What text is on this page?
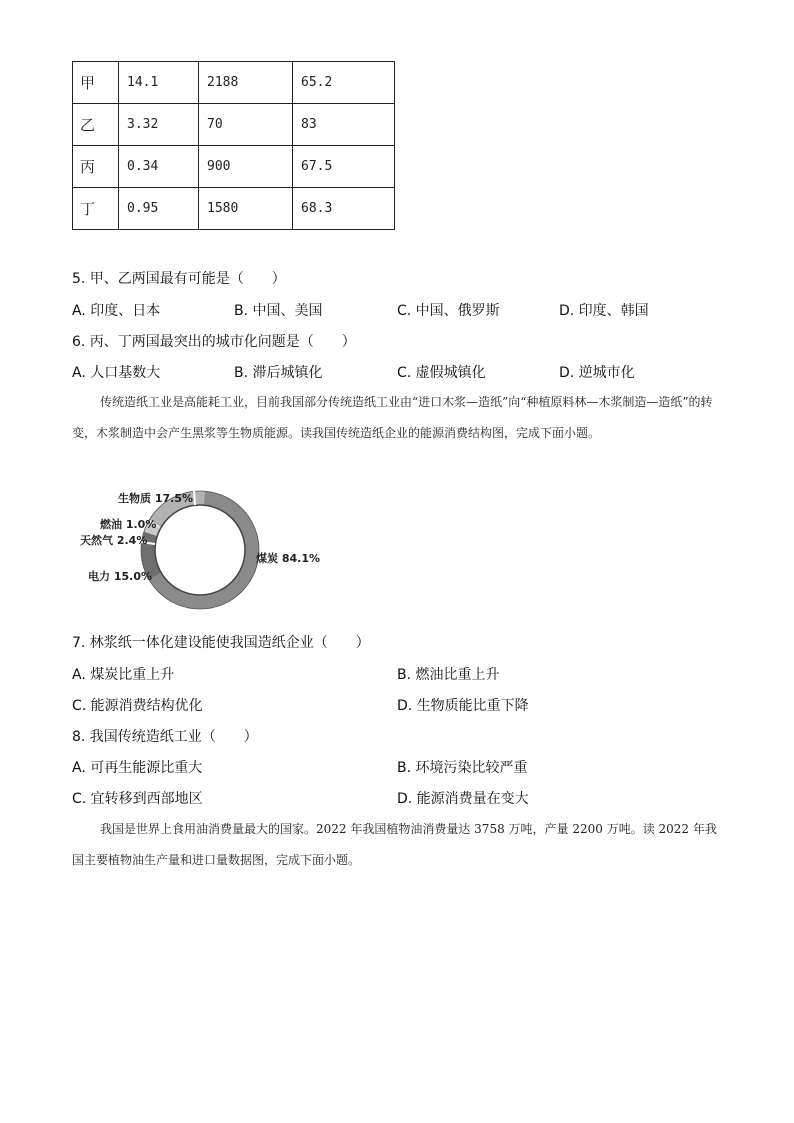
甲	14.1	2188	65.2
乙	3.32	70	83
丙	0.34	900	67.5
丁	0.95	1580	68.3
5. 甲、乙两国最有可能是（　　）
A. 印度、日本	B. 中国、美国	C. 中国、俄罗斯	D. 印度、韩国
6. 丙、丁两国最突出的城市化问题是（　　）
A. 人口基数大	B. 滞后城镇化	C. 虚假城镇化	D. 逆城市化
传统造纸工业是高能耗工业，目前我国部分传统造纸工业由“进口木浆—造纸”向“种植原料林—木浆制造—造纸”的转变，木浆制造中会产生黑浆等生物质能源。读我国传统造纸企业的能源消费结构图，完成下面小题。
生物质 17.5%
燃油 1.0%
天然气 2.4%
电力 15.0%
煤炭 84.1%
7. 林浆纸一体化建设能使我国造纸企业（　　）
A. 煤炭比重上升	B. 燃油比重上升
C. 能源消费结构优化	D. 生物质能比重下降
8. 我国传统造纸工业（　　）
A. 可再生能源比重大	B. 环境污染比较严重
C. 宜转移到西部地区	D. 能源消费量在变大
我国是世界上食用油消费量最大的国家。2022 年我国植物油消费量达 3758 万吨，产量 2200 万吨。读 2022 年我国主要植物油生产量和进口量数据图，完成下面小题。
